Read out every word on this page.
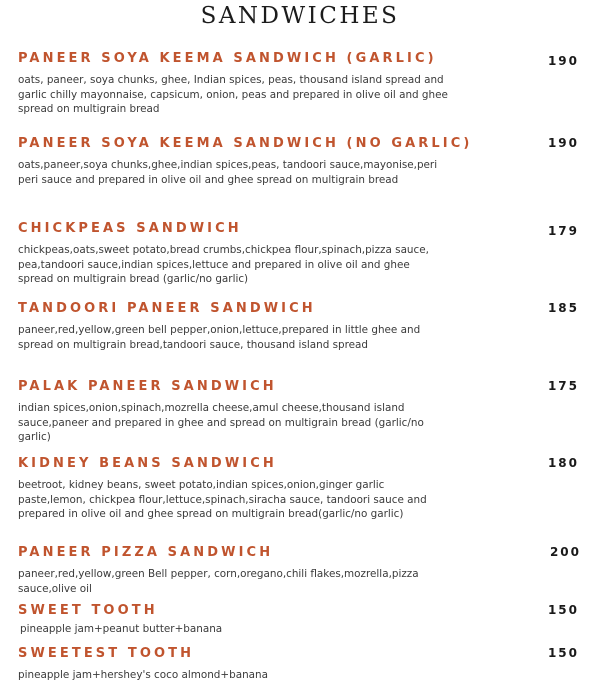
SANDWICHES
PANEER SOYA KEEMA SANDWICH (GARLIC)	190
oats, paneer, soya chunks, ghee, Indian spices, peas, thousand island spread and garlic chilly mayonnaise, capsicum, onion, peas and prepared in olive oil and ghee spread on multigrain bread
PANEER SOYA KEEMA SANDWICH (NO GARLIC)	190
oats,paneer,soya chunks,ghee,indian spices,peas, tandoori sauce,mayonise,peri peri sauce and prepared in olive oil and ghee spread on multigrain bread
CHICKPEAS SANDWICH	179
chickpeas,oats,sweet potato,bread crumbs,chickpea flour,spinach,pizza sauce, pea,tandoori sauce,indian spices,lettuce and prepared in olive oil and ghee spread on multigrain bread (garlic/no garlic)
TANDOORI PANEER SANDWICH	185
paneer,red,yellow,green bell pepper,onion,lettuce,prepared in little ghee and spread on multigrain bread,tandoori sauce, thousand island spread
PALAK PANEER SANDWICH	175
indian spices,onion,spinach,mozrella cheese,amul cheese,thousand island sauce,paneer and prepared in ghee and spread on multigrain bread (garlic/no garlic)
KIDNEY BEANS SANDWICH	180
beetroot, kidney beans, sweet potato,indian spices,onion,ginger garlic paste,lemon, chickpea flour,lettuce,spinach,siracha sauce, tandoori sauce and prepared in olive oil and ghee spread on multigrain bread(garlic/no garlic)
PANEER PIZZA SANDWICH	200
paneer,red,yellow,green Bell pepper, corn,oregano,chili flakes,mozrella,pizza sauce,olive oil
SWEET TOOTH	150
pineapple jam+peanut butter+banana
SWEETEST TOOTH	150
pineapple jam+hershey's coco almond+banana
